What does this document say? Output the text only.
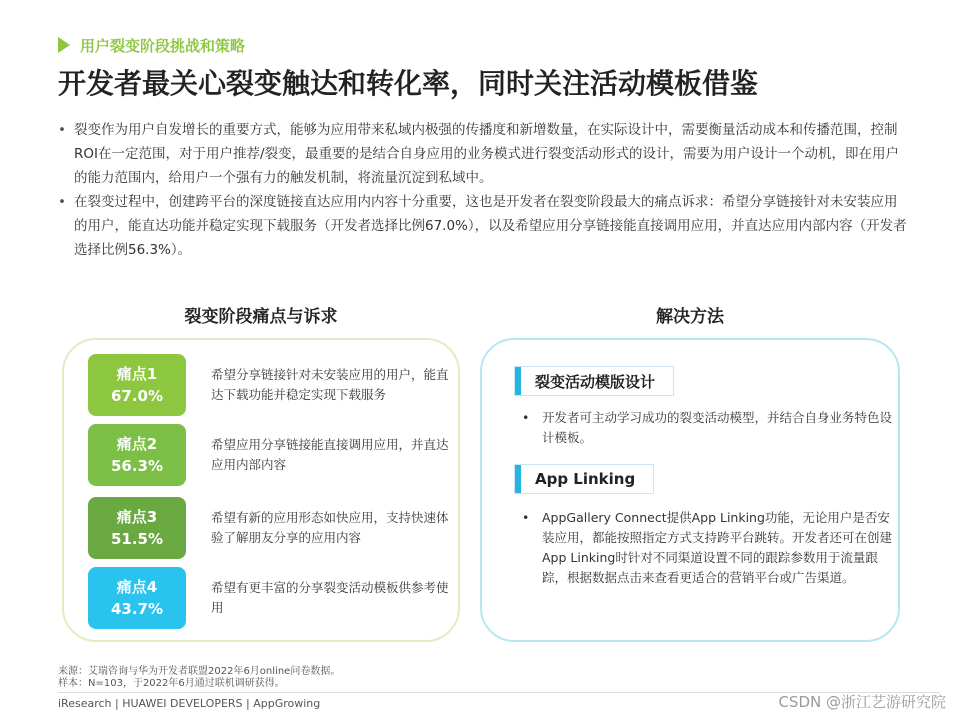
用户裂变阶段挑战和策略
开发者最关心裂变触达和转化率，同时关注活动模板借鉴
• 裂变作为用户自发增长的重要方式，能够为应用带来私域内极强的传播度和新增数量，在实际设计中，需要衡量活动成本和传播范围，控制ROI在一定范围，对于用户推荐/裂变，最重要的是结合自身应用的业务模式进行裂变活动形式的设计，需要为用户设计一个动机，即在用户的能力范围内，给用户一个强有力的触发机制，将流量沉淀到私域中。
• 在裂变过程中，创建跨平台的深度链接直达应用内内容十分重要，这也是开发者在裂变阶段最大的痛点诉求：希望分享链接针对未安装应用的用户，能直达功能并稳定实现下载服务（开发者选择比例67.0%），以及希望应用分享链接能直接调用应用，并直达应用内部内容（开发者选择比例56.3%）。
裂变阶段痛点与诉求	解决方法
痛点1
67.0%
希望分享链接针对未安装应用的用户，能直达下载功能并稳定实现下载服务
痛点2
56.3%
希望应用分享链接能直接调用应用，并直达应用内部内容
痛点3
51.5%
希望有新的应用形态如快应用，支持快速体验了解朋友分享的应用内容
痛点4
43.7%
希望有更丰富的分享裂变活动模板供参考使用
裂变活动模版设计
• 开发者可主动学习成功的裂变活动模型，并结合自身业务特色设计模板。
App Linking
• AppGallery Connect提供App Linking功能，无论用户是否安装应用，都能按照指定方式支持跨平台跳转。开发者还可在创建App Linking时针对不同渠道设置不同的跟踪参数用于流量跟踪，根据数据点击来查看更适合的营销平台或广告渠道。
来源：艾瑞咨询与华为开发者联盟2022年6月online问卷数据。
样本：N=103，于2022年6月通过联机调研获得。
iResearch | HUAWEI DEVELOPERS | AppGrowing	CSDN @浙江艺游研究院
